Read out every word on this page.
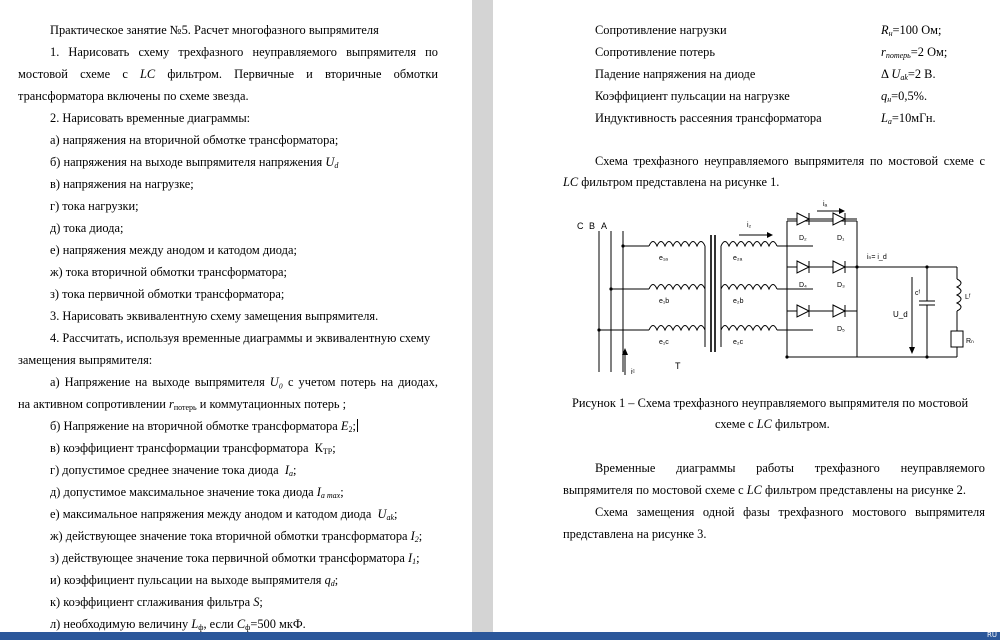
Практическое занятие №5. Расчет многофазного выпрямителя
1. Нарисовать схему трехфазного неуправляемого выпрямителя по
мостовой схеме с LC фильтром. Первичные и вторичные обмотки
трансформатора включены по схеме звезда.
2. Нарисовать временные диаграммы:
а) напряжения на вторичной обмотке трансформатора;
б) напряжения на выходе выпрямителя напряжения $U_d$
в) напряжения на нагрузке;
г) тока нагрузки;
д) тока диода;
е) напряжения между анодом и катодом диода;
ж) тока вторичной обмотки трансформатора;
з) тока первичной обмотки трансформатора;
3. Нарисовать эквивалентную схему замещения выпрямителя.
4. Рассчитать, используя временные диаграммы и эквивалентную схему
замещения выпрямителя:
а) Напряжение на выходе выпрямителя U₀ с учетом потерь на диодах,
на активном сопротивлении $r_{потерь}$ и коммутационных потерь ;
б) Напряжение на вторичной обмотке трансформатора $E_2$;
в) коэффициент трансформации трансформатора $К_{ТР}$;
г) допустимое среднее значение тока диода $I_a$;
д) допустимое максимальное значение тока диода $I_{a max}$;
е) максимальное напряжения между анодом и катодом диода $U_{ak}$;
ж) действующее значение тока вторичной обмотки трансформатора $I_2$;
з) действующее значение тока первичной обмотки трансформатора $I_1$;
и) коэффициент пульсации на выходе выпрямителя $q_d$;
к) коэффициент сглаживания фильтра S;
л) необходимую величину $L_ф$, если $C_ф=500$ мкФ.
Сопротивление нагрузки	$R_н=100$ Ом;
Сопротивление потерь	$r_{потерь}=2$ Ом;
Падение напряжения на диоде	Δ $U_{ak}=2$ В.
Коэффициент пульсации на нагрузке	$q_н=0,5\%$.
Индуктивность рассеяния трансформатора	$L_a=10мГн$.
Схема трехфазного неуправляемого выпрямителя по мостовой схеме с
LC фильтром представлена на рисунке 1.
C B A
e₁ₐ
e₁b
e₁c
e₂ₐ
e₂b
e₂c
T
iᶜ
i₂
iₐ
iₙ= i_d
D₁
D₂
D₃
D₄
D₅
U_d
cᶠ
Lᶠ
Rₙ
Рисунок 1 – Схема трехфазного неуправляемого выпрямителя по мостовой
схеме с LC фильтром.
Временные диаграммы работы трехфазного неуправляемого
выпрямителя по мостовой схеме с LC фильтром представлены на рисунке 2.
Схема замещения одной фазы трехфазного мостового выпрямителя
представлена на рисунке 3.
RU
